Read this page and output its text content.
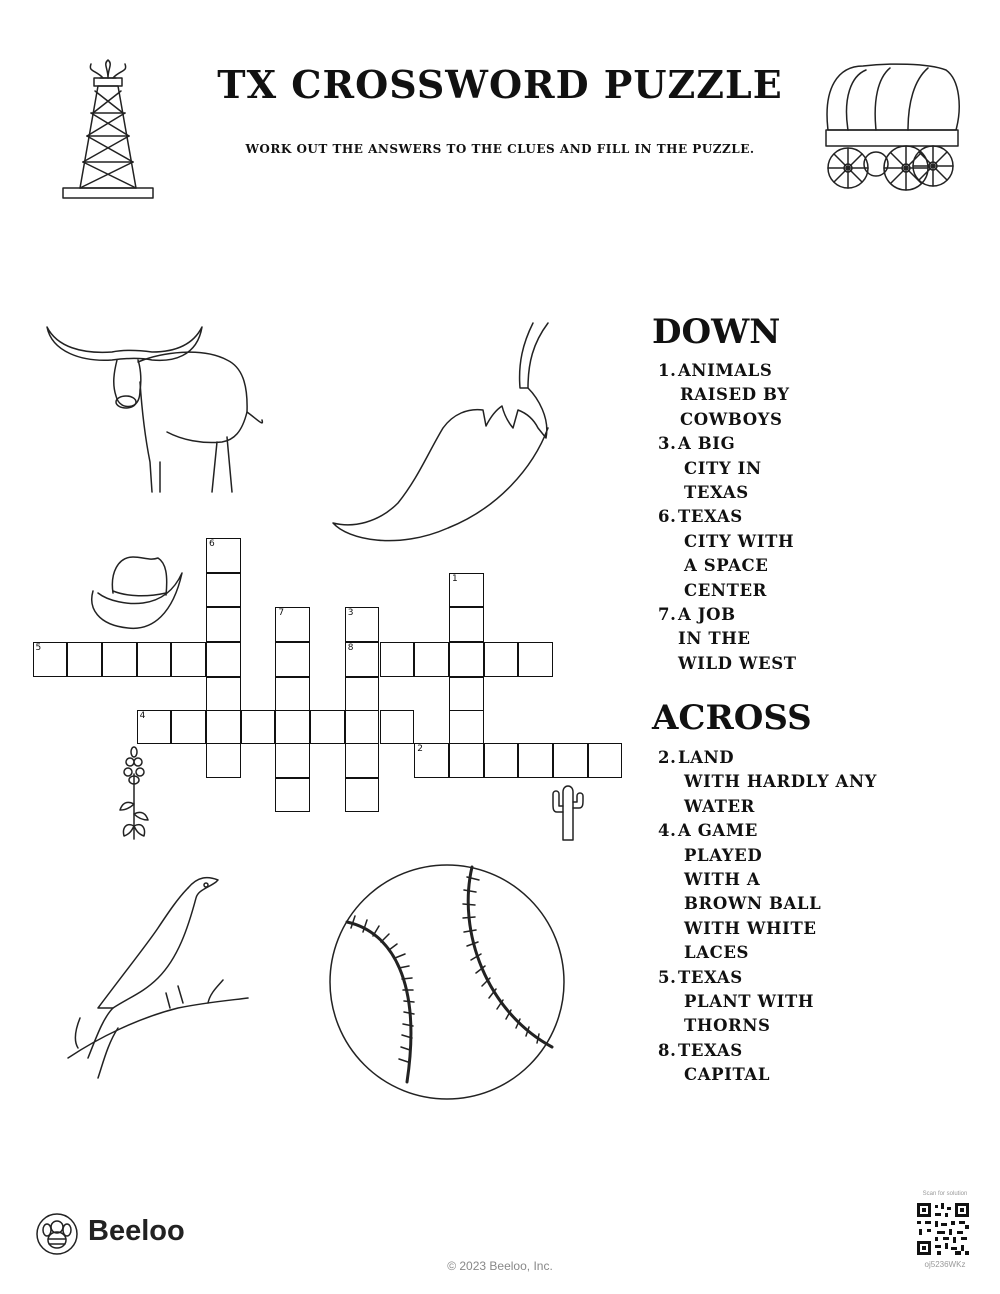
TX CROSSWORD PUZZLE
WORK OUT THE ANSWERS TO THE CLUES AND FILL IN THE PUZZLE.
6
1
7	3
5	8
4
2
DOWN
1.ANIMALS
RAISED BY
COWBOYS
3.A BIG
CITY IN
TEXAS
6.TEXAS
CITY WITH
A SPACE
CENTER
7.A JOB
IN THE
WILD WEST
ACROSS
2.LAND
WITH HARDLY ANY
WATER
4.A GAME
PLAYED
WITH A
BROWN BALL
WITH WHITE
LACES
5.TEXAS
PLANT WITH
THORNS
8.TEXAS
CAPITAL
Beeloo
© 2023 Beeloo, Inc.
Scan for solution
oj5236WKz
